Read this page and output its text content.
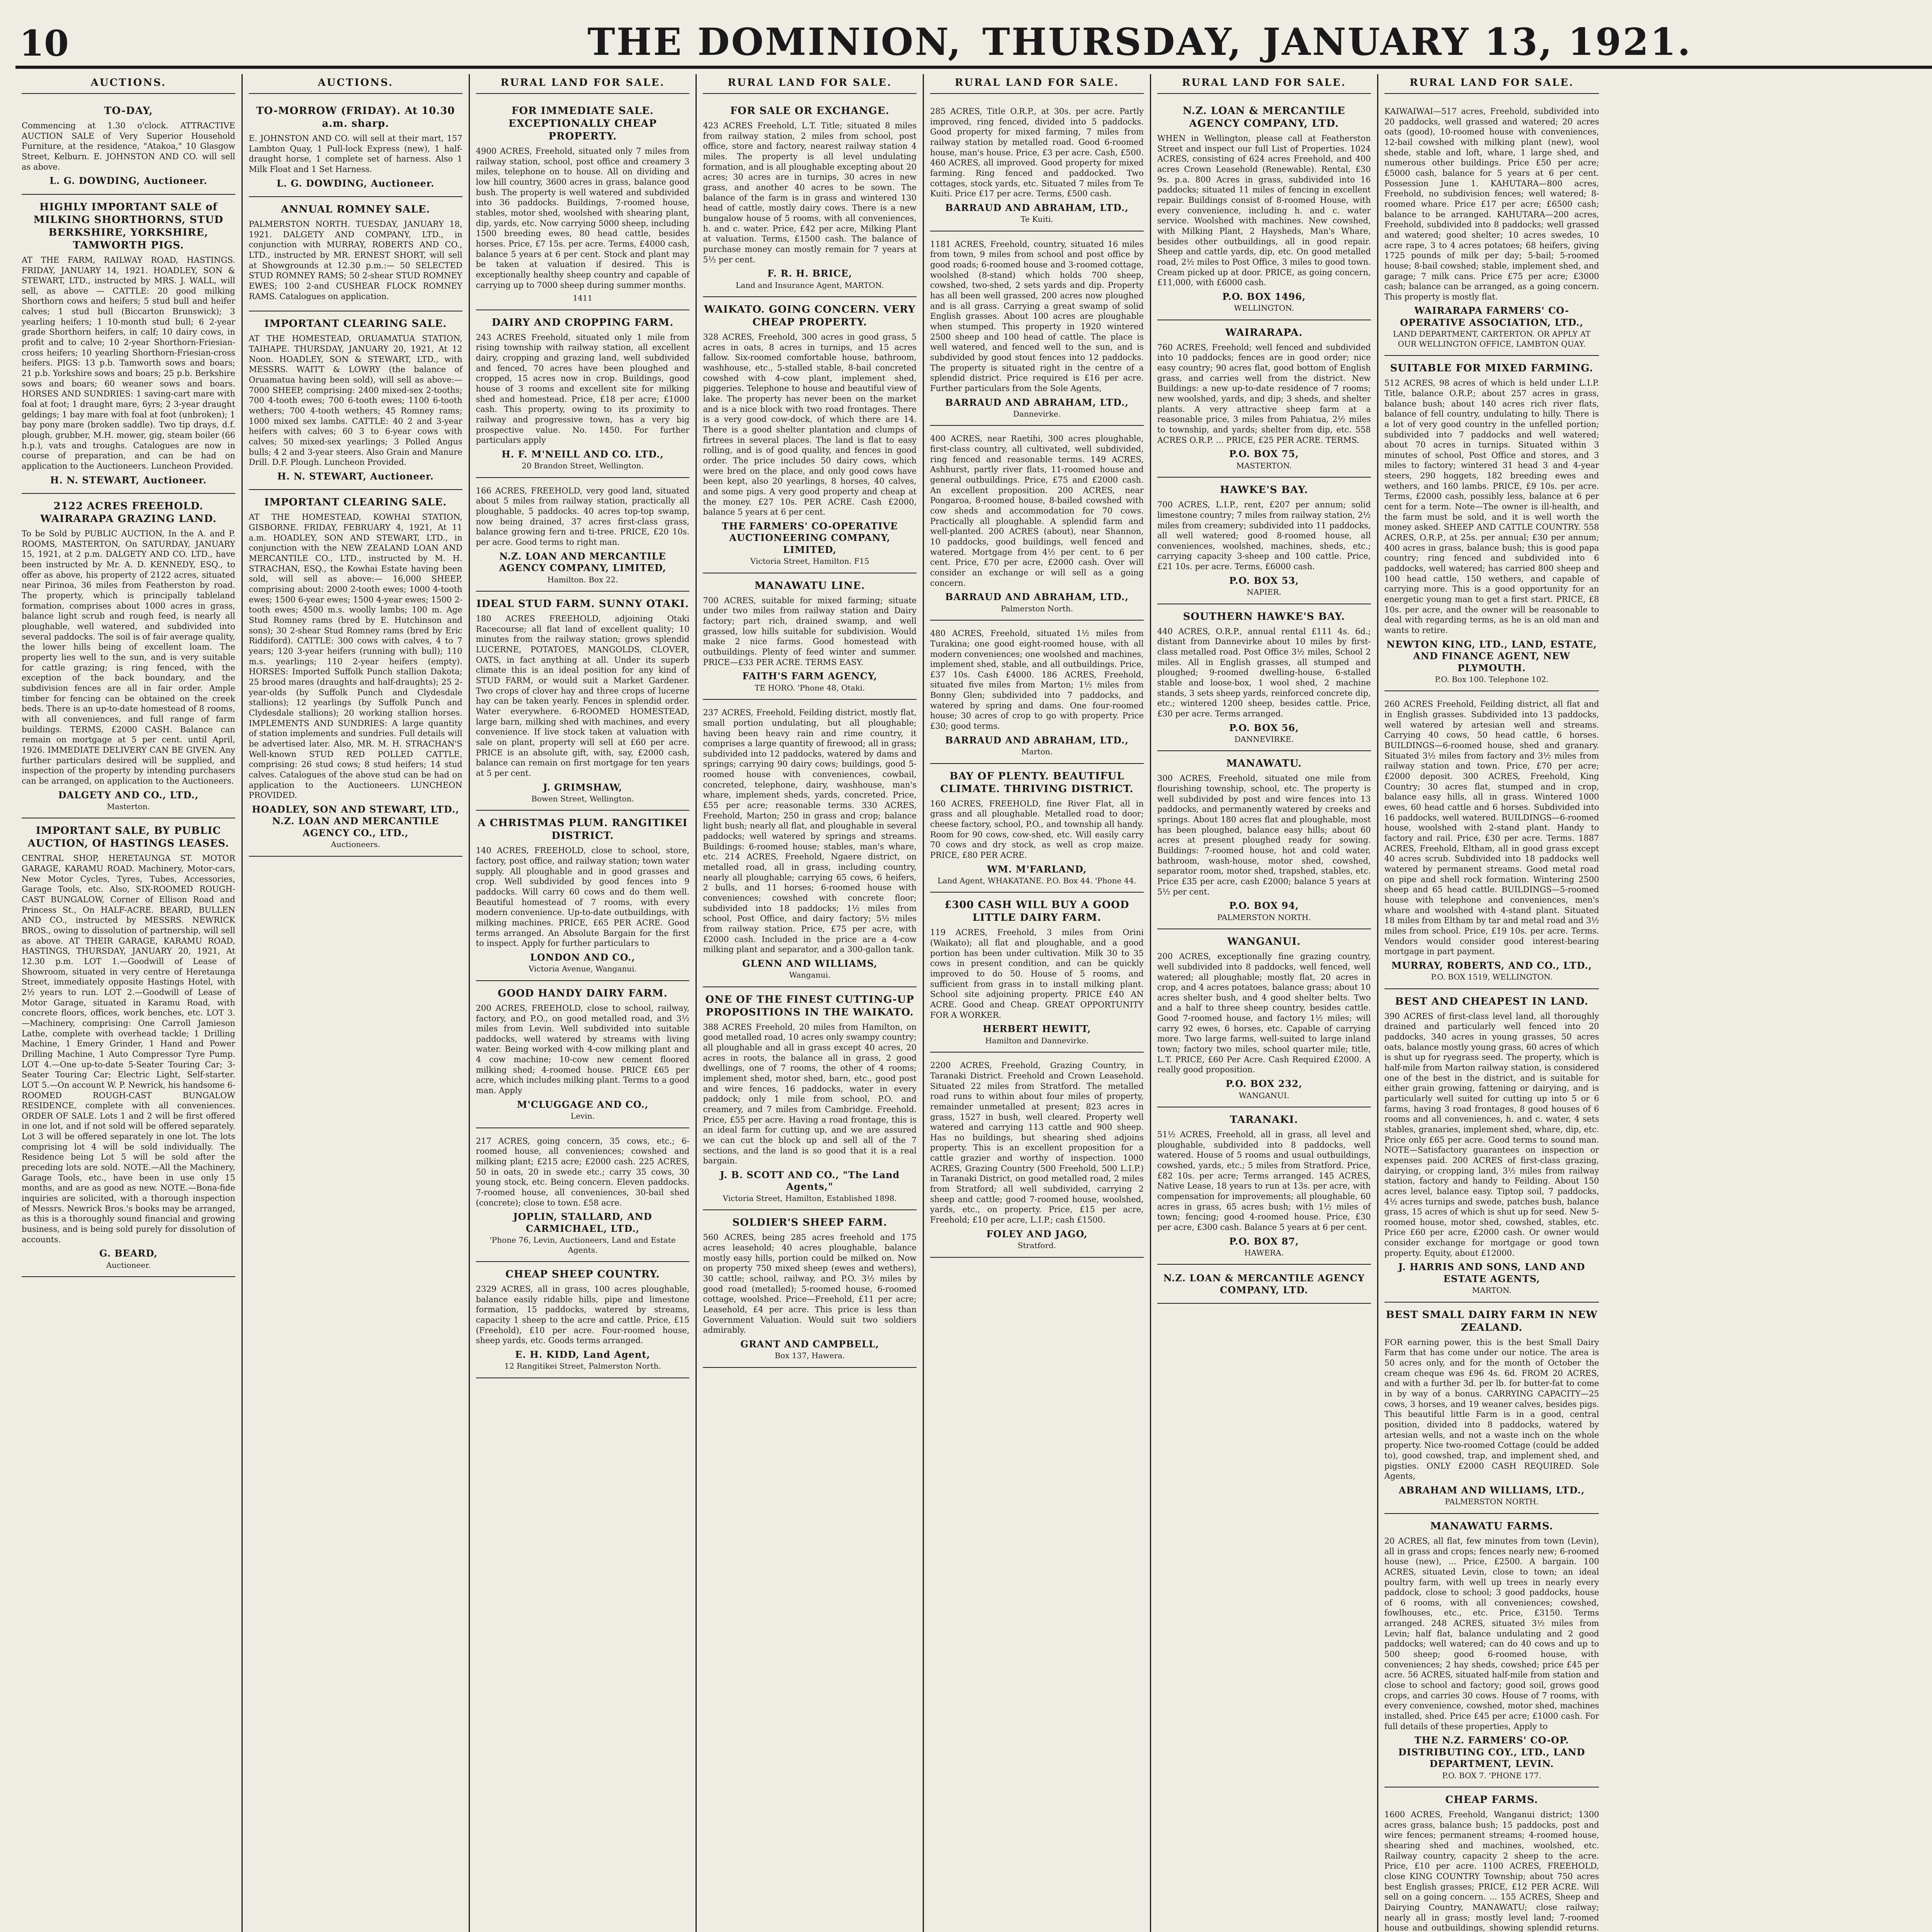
10	THE DOMINION, THURSDAY, JANUARY 13, 1921.
AUCTIONS.
TO-DAY,
Commencing at 1.30 o'clock. ATTRACTIVE AUCTION SALE of Very Superior Household Furniture, at the residence, "Atakoa," 10 Glasgow Street, Kelburn. E. JOHNSTON AND CO. will sell as above.
L. G. DOWDING, Auctioneer.
HIGHLY IMPORTANT SALE of MILKING SHORTHORNS, STUD BERKSHIRE, YORKSHIRE, TAMWORTH PIGS.
AT THE FARM, RAILWAY ROAD, HASTINGS. FRIDAY, JANUARY 14, 1921. HOADLEY, SON & STEWART, LTD., instructed by MRS. J. WALL, will sell, as above — CATTLE: 20 good milking Shorthorn cows and heifers; 5 stud bull and heifer calves; 1 stud bull (Biccarton Brunswick); 3 yearling heifers; 1 10-month stud bull; 6 2-year grade Shorthorn heifers, in calf; 10 dairy cows, in profit and to calve; 10 2-year Shorthorn-Friesian-cross heifers; 10 yearling Shorthorn-Friesian-cross heifers. PIGS: 13 p.b. Tamworth sows and boars; 21 p.b. Yorkshire sows and boars; 25 p.b. Berkshire sows and boars; 60 weaner sows and boars. HORSES AND SUNDRIES: 1 saving-cart mare with foal at foot; 1 draught mare, 6yrs; 2 3-year draught geldings; 1 bay mare with foal at foot (unbroken); 1 bay pony mare (broken saddle). Two tip drays, d.f. plough, grubber, M.H. mower, gig, steam boiler (66 h.p.), vats and troughs. Catalogues are now in course of preparation, and can be had on application to the Auctioneers. Luncheon Provided.
H. N. STEWART, Auctioneer.
2122 ACRES FREEHOLD. WAIRARAPA GRAZING LAND.
To be Sold by PUBLIC AUCTION, In the A. and P. ROOMS, MASTERTON, On SATURDAY, JANUARY 15, 1921, at 2 p.m. DALGETY AND CO. LTD., have been instructed by Mr. A. D. KENNEDY, ESQ., to offer as above, his property of 2122 acres, situated near Pirinoa, 36 miles from Featherston by road. The property, which is principally tableland formation, comprises about 1000 acres in grass, balance light scrub and rough feed, is nearly all ploughable, well watered, and subdivided into several paddocks. The soil is of fair average quality, the lower hills being of excellent loam. The property lies well to the sun, and is very suitable for cattle grazing; is ring fenced, with the exception of the back boundary, and the subdivision fences are all in fair order. Ample timber for fencing can be obtained on the creek beds. There is an up-to-date homestead of 8 rooms, with all conveniences, and full range of farm buildings. TERMS, £2000 CASH. Balance can remain on mortgage at 5 per cent. until April, 1926. IMMEDIATE DELIVERY CAN BE GIVEN. Any further particulars desired will be supplied, and inspection of the property by intending purchasers can be arranged, on application to the Auctioneers.
DALGETY AND CO., LTD.,
Masterton.
IMPORTANT SALE, BY PUBLIC AUCTION, Of HASTINGS LEASES.
CENTRAL SHOP, HERETAUNGA ST. MOTOR GARAGE, KARAMU ROAD. Machinery, Motor-cars, New Motor Cycles, Tyres, Tubes, Accessories, Garage Tools, etc. Also, SIX-ROOMED ROUGH-CAST BUNGALOW, Corner of Ellison Road and Princess St., On HALF-ACRE. BEARD, BULLEN AND CO., instructed by MESSRS. NEWRICK BROS., owing to dissolution of partnership, will sell as above. AT THEIR GARAGE, KARAMU ROAD, HASTINGS, THURSDAY, JANUARY 20, 1921, At 12.30 p.m. LOT 1.—Goodwill of Lease of Showroom, situated in very centre of Heretaunga Street, immediately opposite Hastings Hotel, with 2½ years to run. LOT 2.—Goodwill of Lease of Motor Garage, situated in Karamu Road, with concrete floors, offices, work benches, etc. LOT 3.—Machinery, comprising: One Carroll Jamieson Lathe, complete with overhead tackle; 1 Drilling Machine, 1 Emery Grinder, 1 Hand and Power Drilling Machine, 1 Auto Compressor Tyre Pump. LOT 4.—One up-to-date 5-Seater Touring Car; 3-Seater Touring Car; Electric Light, Self-starter. LOT 5.—On account W. P. Newrick, his handsome 6-ROOMED ROUGH-CAST BUNGALOW RESIDENCE, complete with all conveniences. ORDER OF SALE. Lots 1 and 2 will be first offered in one lot, and if not sold will be offered separately. Lot 3 will be offered separately in one lot. The lots comprising lot 4 will be sold individually. The Residence being Lot 5 will be sold after the preceding lots are sold. NOTE.—All the Machinery, Garage Tools, etc., have been in use only 15 months, and are as good as new. NOTE.—Bona-fide inquiries are solicited, with a thorough inspection of Messrs. Newrick Bros.'s books may be arranged, as this is a thoroughly sound financial and growing business, and is being sold purely for dissolution of accounts.
G. BEARD,
Auctioneer.
AUCTIONS.
TO-MORROW (FRIDAY). At 10.30 a.m. sharp.
E. JOHNSTON AND CO. will sell at their mart, 157 Lambton Quay, 1 Pull-lock Express (new), 1 half-draught horse, 1 complete set of harness. Also 1 Milk Float and 1 Set Harness.
L. G. DOWDING, Auctioneer.
ANNUAL ROMNEY SALE.
PALMERSTON NORTH. TUESDAY, JANUARY 18, 1921. DALGETY AND COMPANY, LTD., in conjunction with MURRAY, ROBERTS AND CO., LTD., instructed by MR. ERNEST SHORT, will sell at Showgrounds at 12.30 p.m.:— 50 SELECTED STUD ROMNEY RAMS; 50 2-shear STUD ROMNEY EWES; 100 2-and CUSHEAR FLOCK ROMNEY RAMS. Catalogues on application.
IMPORTANT CLEARING SALE.
AT THE HOMESTEAD, ORUAMATUA STATION, TAIHAPE. THURSDAY, JANUARY 20, 1921, At 12 Noon. HOADLEY, SON & STEWART, LTD., with MESSRS. WAITT & LOWRY (the balance of Oruamatua having been sold), will sell as above:— 7000 SHEEP, comprising: 2400 mixed-sex 2-tooths; 700 4-tooth ewes; 700 6-tooth ewes; 1100 6-tooth wethers; 700 4-tooth wethers; 45 Romney rams; 1000 mixed sex lambs. CATTLE: 40 2 and 3-year heifers with calves; 60 3 to 6-year cows with calves; 50 mixed-sex yearlings; 3 Polled Angus bulls; 4 2 and 3-year steers. Also Grain and Manure Drill. D.F. Plough. Luncheon Provided.
H. N. STEWART, Auctioneer.
IMPORTANT CLEARING SALE.
AT THE HOMESTEAD, KOWHAI STATION, GISBORNE. FRIDAY, FEBRUARY 4, 1921, At 11 a.m. HOADLEY, SON AND STEWART, LTD., in conjunction with the NEW ZEALAND LOAN AND MERCANTILE CO., LTD., instructed by M. H. STRACHAN, ESQ., the Kowhai Estate having been sold, will sell as above:— 16,000 SHEEP, comprising about: 2000 2-tooth ewes; 1000 4-tooth ewes; 1500 6-year ewes; 1500 4-year ewes; 1500 2-tooth ewes; 4500 m.s. woolly lambs; 100 m. Age Stud Romney rams (bred by E. Hutchinson and sons); 30 2-shear Stud Romney rams (bred by Eric Riddiford). CATTLE: 300 cows with calves, 4 to 7 years; 120 3-year heifers (running with bull); 110 m.s. yearlings; 110 2-year heifers (empty). HORSES: Imported Suffolk Punch stallion Dakota; 25 brood mares (draughts and half-draughts); 25 2-year-olds (by Suffolk Punch and Clydesdale stallions); 12 yearlings (by Suffolk Punch and Clydesdale stallions); 20 working stallion horses. IMPLEMENTS AND SUNDRIES: A large quantity of station implements and sundries. Full details will be advertised later. Also, MR. M. H. STRACHAN'S Well-known STUD RED POLLED CATTLE, comprising: 26 stud cows; 8 stud heifers; 14 stud calves. Catalogues of the above stud can be had on application to the Auctioneers. LUNCHEON PROVIDED.
HOADLEY, SON AND STEWART, LTD., N.Z. LOAN AND MERCANTILE AGENCY CO., LTD.,
Auctioneers.
RURAL LAND FOR SALE.
FOR IMMEDIATE SALE. EXCEPTIONALLY CHEAP PROPERTY.
4900 ACRES, Freehold, situated only 7 miles from railway station, school, post office and creamery 3 miles, telephone on to house. All on dividing and low hill country, 3600 acres in grass, balance good bush. The property is well watered and subdivided into 36 paddocks. Buildings, 7-roomed house, stables, motor shed, woolshed with shearing plant, dip, yards, etc. Now carrying 5000 sheep, including 1500 breeding ewes, 80 head cattle, besides horses. Price, £7 15s. per acre. Terms, £4000 cash, balance 5 years at 6 per cent. Stock and plant may be taken at valuation if desired. This is exceptionally healthy sheep country and capable of carrying up to 7000 sheep during summer months.
1411
DAIRY AND CROPPING FARM.
243 ACRES Freehold, situated only 1 mile from rising township with railway station, all excellent dairy, cropping and grazing land, well subdivided and fenced, 70 acres have been ploughed and cropped, 15 acres now in crop. Buildings, good house of 3 rooms and excellent site for milking shed and homestead. Price, £18 per acre; £1000 cash. This property, owing to its proximity to railway and progressive town, has a very big prospective value. No. 1450. For further particulars apply
H. F. M'NEILL AND CO. LTD.,
20 Brandon Street, Wellington.
166 ACRES, FREEHOLD, very good land, situated about 5 miles from railway station, practically all ploughable, 5 paddocks. 40 acres top-top swamp, now being drained, 37 acres first-class grass, balance growing fern and ti-tree. PRICE, £20 10s. per acre. Good terms to right man.
N.Z. LOAN AND MERCANTILE AGENCY COMPANY, LIMITED,
Hamilton. Box 22.
IDEAL STUD FARM. SUNNY OTAKI.
180 ACRES FREEHOLD, adjoining Otaki Racecourse; all flat land of excellent quality; 10 minutes from the railway station; grows splendid LUCERNE, POTATOES, MANGOLDS, CLOVER, OATS, in fact anything at all. Under its superb climate this is an ideal position for any kind of STUD FARM, or would suit a Market Gardener. Two crops of clover hay and three crops of lucerne hay can be taken yearly. Fences in splendid order. Water everywhere. 6-ROOMED HOMESTEAD, large barn, milking shed with machines, and every convenience. If live stock taken at valuation with sale on plant, property will sell at £60 per acre. PRICE is an absolute gift, with, say, £2000 cash, balance can remain on first mortgage for ten years at 5 per cent.
J. GRIMSHAW,
Bowen Street, Wellington.
A CHRISTMAS PLUM. RANGITIKEI DISTRICT.
140 ACRES, FREEHOLD, close to school, store, factory, post office, and railway station; town water supply. All ploughable and in good grasses and crop. Well subdivided by good fences into 9 paddocks. Will carry 60 cows and do them well. Beautiful homestead of 7 rooms, with every modern convenience. Up-to-date outbuildings, with milking machines. PRICE, £65 PER ACRE. Good terms arranged. An Absolute Bargain for the first to inspect. Apply for further particulars to
LONDON AND CO.,
Victoria Avenue, Wanganui.
GOOD HANDY DAIRY FARM.
200 ACRES, FREEHOLD, close to school, railway, factory, and P.O., on good metalled road, and 3½ miles from Levin. Well subdivided into suitable paddocks, well watered by streams with living water. Being worked with 4-cow milking plant and 4 cow machine; 10-cow new cement floored milking shed; 4-roomed house. PRICE £65 per acre, which includes milking plant. Terms to a good man. Apply
M'CLUGGAGE AND CO.,
Levin.
217 ACRES, going concern, 35 cows, etc.; 6-roomed house, all conveniences; cowshed and milking plant; £215 acre; £2000 cash. 225 ACRES, 50 in oats, 20 in swede etc.; carry 35 cows, 30 young stock, etc. Being concern. Eleven paddocks. 7-roomed house, all conveniences, 30-bail shed (concrete); close to town. £58 acre.
JOPLIN, STALLARD, AND CARMICHAEL, LTD.,
'Phone 76, Levin, Auctioneers, Land and Estate Agents.
CHEAP SHEEP COUNTRY.
2329 ACRES, all in grass, 100 acres ploughable, balance easily ridable hills, pipe and limestone formation, 15 paddocks, watered by streams, capacity 1 sheep to the acre and cattle. Price, £15 (Freehold), £10 per acre. Four-roomed house, sheep yards, etc. Goods terms arranged.
E. H. KIDD, Land Agent,
12 Rangitikei Street, Palmerston North.
RURAL LAND FOR SALE.
FOR SALE OR EXCHANGE.
423 ACRES Freehold, L.T. Title; situated 8 miles from railway station, 2 miles from school, post office, store and factory, nearest railway station 4 miles. The property is all level undulating formation, and is all ploughable excepting about 20 acres; 30 acres are in turnips, 30 acres in new grass, and another 40 acres to be sown. The balance of the farm is in grass and wintered 130 head of cattle, mostly dairy cows. There is a new bungalow house of 5 rooms, with all conveniences, h. and c. water. Price, £42 per acre, Milking Plant at valuation. Terms, £1500 cash. The balance of purchase money can mostly remain for 7 years at 5½ per cent.
F. R. H. BRICE,
Land and Insurance Agent, MARTON.
WAIKATO. GOING CONCERN. VERY CHEAP PROPERTY.
328 ACRES, Freehold, 300 acres in good grass, 5 acres in oats, 8 acres in turnips, and 15 acres fallow. Six-roomed comfortable house, bathroom, washhouse, etc., 5-stalled stable, 8-bail concreted cowshed with 4-cow plant, implement shed, piggeries. Telephone to house and beautiful view of lake. The property has never been on the market and is a nice block with two road frontages. There is a very good cow-dock, of which there are 14. There is a good shelter plantation and clumps of firtrees in several places. The land is flat to easy rolling, and is of good quality, and fences in good order. The price includes 50 dairy cows, which were bred on the place, and only good cows have been kept, also 20 yearlings, 8 horses, 40 calves, and some pigs. A very good property and cheap at the money. £27 10s. PER ACRE. Cash £2000, balance 5 years at 6 per cent.
THE FARMERS' CO-OPERATIVE AUCTIONEERING COMPANY, LIMITED,
Victoria Street, Hamilton. F15
MANAWATU LINE.
700 ACRES, suitable for mixed farming; situate under two miles from railway station and Dairy factory; part rich, drained swamp, and well grassed, low hills suitable for subdivision. Would make 2 nice farms. Good homestead with outbuildings. Plenty of feed winter and summer. PRICE—£33 PER ACRE. TERMS EASY.
FAITH'S FARM AGENCY,
TE HORO. 'Phone 48, Otaki.
237 ACRES, Freehold, Feilding district, mostly flat, small portion undulating, but all ploughable; having been heavy rain and rime country, it comprises a large quantity of firewood; all in grass; subdivided into 12 paddocks, watered by dams and springs; carrying 90 dairy cows; buildings, good 5-roomed house with conveniences, cowbail, concreted, telephone, dairy, washhouse, man's whare, implement sheds, yards, concreted. Price, £55 per acre; reasonable terms. 330 ACRES, Freehold, Marton; 250 in grass and crop; balance light bush; nearly all flat, and ploughable in several paddocks; well watered by springs and streams. Buildings: 6-roomed house; stables, man's whare, etc. 214 ACRES, Freehold, Ngaere district, on metalled road, all in grass, including country, nearly all ploughable; carrying 65 cows, 6 heifers, 2 bulls, and 11 horses; 6-roomed house with conveniences; cowshed with concrete floor; subdivided into 18 paddocks; 1½ miles from school, Post Office, and dairy factory; 5½ miles from railway station. Price, £75 per acre, with £2000 cash. Included in the price are a 4-cow milking plant and separator, and a 300-gallon tank.
GLENN AND WILLIAMS,
Wanganui.
ONE OF THE FINEST CUTTING-UP PROPOSITIONS IN THE WAIKATO.
388 ACRES Freehold, 20 miles from Hamilton, on good metalled road, 10 acres only swampy country; all ploughable and all in grass except 40 acres, 20 acres in roots, the balance all in grass, 2 good dwellings, one of 7 rooms, the other of 4 rooms; implement shed, motor shed, barn, etc., good post and wire fences, 16 paddocks, water in every paddock; only 1 mile from school, P.O. and creamery, and 7 miles from Cambridge. Freehold. Price, £55 per acre. Having a road frontage, this is an ideal farm for cutting up, and we are assured we can cut the block up and sell all of the 7 sections, and the land is so good that it is a real bargain.
J. B. SCOTT AND CO., "The Land Agents,"
Victoria Street, Hamilton, Established 1898.
SOLDIER'S SHEEP FARM.
560 ACRES, being 285 acres freehold and 175 acres leasehold; 40 acres ploughable, balance mostly easy hills, portion could be milked on. Now on property 750 mixed sheep (ewes and wethers), 30 cattle; school, railway, and P.O. 3½ miles by good road (metalled); 5-roomed house, 6-roomed cottage, woolshed. Price—Freehold, £11 per acre; Leasehold, £4 per acre. This price is less than Government Valuation. Would suit two soldiers admirably.
GRANT AND CAMPBELL,
Box 137, Hawera.
RURAL LAND FOR SALE.
285 ACRES, Title O.R.P., at 30s. per acre. Partly improved, ring fenced, divided into 5 paddocks. Good property for mixed farming, 7 miles from railway station by metalled road. Good 6-roomed house, man's house. Price, £3 per acre. Cash, £500. 460 ACRES, all improved. Good property for mixed farming. Ring fenced and paddocked. Two cottages, stock yards, etc. Situated 7 miles from Te Kuiti. Price £17 per acre. Terms, £500 cash.
BARRAUD AND ABRAHAM, LTD.,
Te Kuiti.
1181 ACRES, Freehold, country, situated 16 miles from town, 9 miles from school and post office by good roads; 6-roomed house and 3-roomed cottage, woolshed (8-stand) which holds 700 sheep, cowshed, two-shed, 2 sets yards and dip. Property has all been well grassed, 200 acres now ploughed and is all grass. Carrying a great swamp of solid English grasses. About 100 acres are ploughable when stumped. This property in 1920 wintered 2500 sheep and 100 head of cattle. The place is well watered, and fenced well to the sun, and is subdivided by good stout fences into 12 paddocks. The property is situated right in the centre of a splendid district. Price required is £16 per acre. Further particulars from the Sole Agents,
BARRAUD AND ABRAHAM, LTD.,
Dannevirke.
400 ACRES, near Raetihi, 300 acres ploughable, first-class country, all cultivated, well subdivided, ring fenced and reasonable terms. 149 ACRES, Ashhurst, partly river flats, 11-roomed house and general outbuildings. Price, £75 and £2000 cash. An excellent proposition. 200 ACRES, near Pongaroa, 8-roomed house, 8-bailed cowshed with cow sheds and accommodation for 70 cows. Practically all ploughable. A splendid farm and well-planted. 200 ACRES (about), near Shannon, 10 paddocks, good buildings, well fenced and watered. Mortgage from 4½ per cent. to 6 per cent. Price, £70 per acre, £2000 cash. Over will consider an exchange or will sell as a going concern.
BARRAUD AND ABRAHAM, LTD.,
Palmerston North.
480 ACRES, Freehold, situated 1½ miles from Turakina; one good eight-roomed house, with all modern conveniences; one woolshed and machines, implement shed, stable, and all outbuildings. Price, £37 10s. Cash £4000. 186 ACRES, Freehold, situated five miles from Marton; 1½ miles from Bonny Glen; subdivided into 7 paddocks, and watered by spring and dams. One four-roomed house; 30 acres of crop to go with property. Price £30; good terms.
BARRAUD AND ABRAHAM, LTD.,
Marton.
BAY OF PLENTY. BEAUTIFUL CLIMATE. THRIVING DISTRICT.
160 ACRES, FREEHOLD, fine River Flat, all in grass and all ploughable. Metalled road to door; cheese factory, school, P.O., and township all handy. Room for 90 cows, cow-shed, etc. Will easily carry 70 cows and dry stock, as well as crop maize. PRICE, £80 PER ACRE.
WM. M'FARLAND,
Land Agent, WHAKATANE. P.O. Box 44. 'Phone 44.
£300 CASH WILL BUY A GOOD LITTLE DAIRY FARM.
119 ACRES, Freehold, 3 miles from Orini (Waikato); all flat and ploughable, and a good portion has been under cultivation. Milk 30 to 35 cows in present condition, and can be quickly improved to do 50. House of 5 rooms, and sufficient from grass in to install milking plant. School site adjoining property. PRICE £40 AN ACRE. Good and Cheap. GREAT OPPORTUNITY FOR A WORKER.
HERBERT HEWITT,
Hamilton and Dannevirke.
2200 ACRES, Freehold, Grazing Country, in Taranaki District. Freehold and Crown Leasehold. Situated 22 miles from Stratford. The metalled road runs to within about four miles of property, remainder unmetalled at present; 823 acres in grass, 1527 in bush, well cleared. Property well watered and carrying 113 cattle and 900 sheep. Has no buildings, but shearing shed adjoins property. This is an excellent proposition for a cattle grazier and worthy of inspection. 1000 ACRES, Grazing Country (500 Freehold, 500 L.I.P.) in Taranaki District, on good metalled road, 2 miles from Stratford; all well subdivided, carrying 2 sheep and cattle; good 7-roomed house, woolshed, yards, etc., on property. Price, £15 per acre, Freehold; £10 per acre, L.I.P.; cash £1500.
FOLEY AND JAGO,
Stratford.
RURAL LAND FOR SALE.
N.Z. LOAN & MERCANTILE AGENCY COMPANY, LTD.
WHEN in Wellington, please call at Featherston Street and inspect our full List of Properties. 1024 ACRES, consisting of 624 acres Freehold, and 400 acres Crown Leasehold (Renewable). Rental, £30 9s. p.a. 800 Acres in grass, subdivided into 16 paddocks; situated 11 miles of fencing in excellent repair. Buildings consist of 8-roomed House, with every convenience, including h. and c. water service. Woolshed with machines. New cowshed, with Milking Plant, 2 Haysheds, Man's Whare, besides other outbuildings, all in good repair. Sheep and cattle yards, dip, etc. On good metalled road, 2½ miles to Post Office, 3 miles to good town. Cream picked up at door. PRICE, as going concern, £11,000, with £6000 cash.
P.O. BOX 1496,
WELLINGTON.
WAIRARAPA.
760 ACRES, Freehold; well fenced and subdivided into 10 paddocks; fences are in good order; nice easy country; 90 acres flat, good bottom of English grass, and carries well from the district. New Buildings: a new up-to-date residence of 7 rooms; new woolshed, yards, and dip; 3 sheds, and shelter plants. A very attractive sheep farm at a reasonable price, 3 miles from Pahiatua, 2½ miles to township, and yards; shelter from dip, etc. 558 ACRES O.R.P. ... PRICE, £25 PER ACRE. TERMS.
P.O. BOX 75,
MASTERTON.
HAWKE'S BAY.
700 ACRES, L.I.P., rent, £207 per annum; solid limestone country; 7 miles from railway station, 2½ miles from creamery; subdivided into 11 paddocks, all well watered; good 8-roomed house, all conveniences, woolshed, machines, sheds, etc.; carrying capacity 3-sheep and 100 cattle. Price, £21 10s. per acre. Terms, £6000 cash.
P.O. BOX 53,
NAPIER.
SOUTHERN HAWKE'S BAY.
440 ACRES, O.R.P., annual rental £111 4s. 6d.; distant from Dannevirke about 10 miles by first-class metalled road. Post Office 3½ miles, School 2 miles. All in English grasses, all stumped and ploughed; 9-roomed dwelling-house, 6-stalled stable and loose-box, 1 wool shed, 2 machine stands, 3 sets sheep yards, reinforced concrete dip, etc.; wintered 1200 sheep, besides cattle. Price, £30 per acre. Terms arranged.
P.O. BOX 56,
DANNEVIRKE.
MANAWATU.
300 ACRES, Freehold, situated one mile from flourishing township, school, etc. The property is well subdivided by post and wire fences into 13 paddocks, and permanently watered by creeks and springs. About 180 acres flat and ploughable, most has been ploughed, balance easy hills; about 60 acres at present ploughed ready for sowing. Buildings: 7-roomed house, hot and cold water, bathroom, wash-house, motor shed, cowshed, separator room, motor shed, trapshed, stables, etc. Price £35 per acre, cash £2000; balance 5 years at 5½ per cent.
P.O. BOX 94,
PALMERSTON NORTH.
WANGANUI.
200 ACRES, exceptionally fine grazing country, well subdivided into 8 paddocks, well fenced, well watered; all ploughable; mostly flat, 20 acres in crop, and 4 acres potatoes, balance grass; about 10 acres shelter bush, and 4 good shelter belts. Two and a half to three sheep country, besides cattle. Good 7-roomed house, and factory 1½ miles; will carry 92 ewes, 6 horses, etc. Capable of carrying more. Two large farms, well-suited to large inland town; factory two miles, school quarter mile; title, L.T. PRICE, £60 Per Acre. Cash Required £2000. A really good proposition.
P.O. BOX 232,
WANGANUI.
TARANAKI.
51½ ACRES, Freehold, all in grass, all level and ploughable, subdivided into 8 paddocks, well watered. House of 5 rooms and usual outbuildings, cowshed, yards, etc.; 5 miles from Stratford. Price, £82 10s. per acre; Terms arranged. 145 ACRES, Native Lease, 18 years to run at 13s. per acre, with compensation for improvements; all ploughable, 60 acres in grass, 65 acres bush; with 1½ miles of town; fencing; good 4-roomed house. Price, £30 per acre, £300 cash. Balance 5 years at 6 per cent.
P.O. BOX 87,
HAWERA.
N.Z. LOAN & MERCANTILE AGENCY COMPANY, LTD.
RURAL LAND FOR SALE.
KAIWAIWAI—517 acres, Freehold, subdivided into 20 paddocks, well grassed and watered; 20 acres oats (good), 10-roomed house with conveniences, 12-bail cowshed with milking plant (new), wool shede, stable and loft, whare, 1 large shed, and numerous other buildings. Price £50 per acre; £5000 cash, balance for 5 years at 6 per cent. Possession June 1. KAHUTARA—800 acres, Freehold, no subdivision fences; well watered; 8-roomed whare. Price £17 per acre; £6500 cash; balance to be arranged. KAHUTARA—200 acres, Freehold, subdivided into 8 paddocks; well grassed and watered; good shelter; 10 acres swedes, 10 acre rape, 3 to 4 acres potatoes; 68 heifers, giving 1725 pounds of milk per day; 5-bail; 5-roomed house; 8-bail cowshed; stable, implement shed, and garage; 7 milk cans. Price £75 per acre; £3000 cash; balance can be arranged, as a going concern. This property is mostly flat.
WAIRARAPA FARMERS' CO-OPERATIVE ASSOCIATION, LTD.,
LAND DEPARTMENT, CARTERTON. OR APPLY AT OUR WELLINGTON OFFICE, LAMBTON QUAY.
SUITABLE FOR MIXED FARMING.
512 ACRES, 98 acres of which is held under L.I.P. Title, balance O.R.P.; about 257 acres in grass, balance bush; about 140 acres rich river flats, balance of fell country, undulating to hilly. There is a lot of very good country in the unfelled portion; subdivided into 7 paddocks and well watered; about 70 acres in turnips. Situated within 3 minutes of school, Post Office and stores, and 3 miles to factory; wintered 31 head 3 and 4-year steers, 290 hoggets, 182 breeding ewes and wethers, and 160 lambs. PRICE, £9 10s. per acre. Terms, £2000 cash, possibly less, balance at 6 per cent for a term. Note—The owner is ill-health, and the farm must be sold, and it is well worth the money asked. SHEEP AND CATTLE COUNTRY. 558 ACRES, O.R.P., at 25s. per annual; £30 per annum; 400 acres in grass, balance bush; this is good papa country; ring fenced and subdivided into 6 paddocks, well watered; has carried 800 sheep and 100 head cattle, 150 wethers, and capable of carrying more. This is a good opportunity for an energetic young man to get a first start. PRICE, £8 10s. per acre, and the owner will be reasonable to deal with regarding terms, as he is an old man and wants to retire.
NEWTON KING, LTD., LAND, ESTATE, AND FINANCE AGENT, NEW PLYMOUTH.
P.O. Box 100. Telephone 102.
260 ACRES Freehold, Feilding district, all flat and in English grasses. Subdivided into 13 paddocks, well watered by artesian well and streams. Carrying 40 cows, 50 head cattle, 6 horses. BUILDINGS—6-roomed house, shed and granary. Situated 3½ miles from factory and 3½ miles from railway station and town. Price, £70 per acre; £2000 deposit. 300 ACRES, Freehold, King Country; 30 acres flat, stumped and in crop, balance easy hills, all in grass. Wintered 1000 ewes, 60 head cattle and 6 horses. Subdivided into 16 paddocks, well watered. BUILDINGS—6-roomed house, woolshed with 2-stand plant. Handy to factory and rail. Price, £30 per acre. Terms. 1887 ACRES, Freehold, Eltham, all in good grass except 40 acres scrub. Subdivided into 18 paddocks well watered by permanent streams. Good metal road on pipe and shell rock formation. Wintering 2500 sheep and 65 head cattle. BUILDINGS—5-roomed house with telephone and conveniences, men's whare and woolshed with 4-stand plant. Situated 18 miles from Eltham by tar and metal road and 3½ miles from school. Price, £19 10s. per acre. Terms. Vendors would consider good interest-bearing mortgage in part payment.
MURRAY, ROBERTS, AND CO., LTD.,
P.O. BOX 1519, WELLINGTON.
BEST AND CHEAPEST IN LAND.
390 ACRES of first-class level land, all thoroughly drained and particularly well fenced into 20 paddocks, 340 acres in young grasses, 50 acres oats, balance mostly young grass, 60 acres of which is shut up for ryegrass seed. The property, which is half-mile from Marton railway station, is considered one of the best in the district, and is suitable for either grain growing, fattening or dairying, and is particularly well suited for cutting up into 5 or 6 farms, having 3 road frontages, 8 good houses of 6 rooms and all conveniences, h. and c. water, 4 sets stables, granaries, implement shed, whare, dip, etc. Price only £65 per acre. Good terms to sound man. NOTE—Satisfactory guarantees on inspection or expenses paid. 200 ACRES of first-class grazing, dairying, or cropping land, 3½ miles from railway station, factory and handy to Feilding. About 150 acres level, balance easy. Tiptop soil, 7 paddocks, 4½ acres turnips and swede, patches bush, balance grass, 15 acres of which is shut up for seed. New 5-roomed house, motor shed, cowshed, stables, etc. Price £60 per acre, £2000 cash. Or owner would consider exchange for mortgage or good town property. Equity, about £12000.
J. HARRIS AND SONS, LAND AND ESTATE AGENTS,
MARTON.
BEST SMALL DAIRY FARM IN NEW ZEALAND.
FOR earning power, this is the best Small Dairy Farm that has come under our notice. The area is 50 acres only, and for the month of October the cream cheque was £96 4s. 6d. FROM 20 ACRES, and with a further 3d. per lb. for butter-fat to come in by way of a bonus. CARRYING CAPACITY—25 cows, 3 horses, and 19 weaner calves, besides pigs. This beautiful little Farm is in a good, central position, divided into 8 paddocks, watered by artesian wells, and not a waste inch on the whole property. Nice two-roomed Cottage (could be added to), good cowshed, trap, and implement shed, and pigsties. ONLY £2000 CASH REQUIRED. Sole Agents,
ABRAHAM AND WILLIAMS, LTD.,
PALMERSTON NORTH.
MANAWATU FARMS.
20 ACRES, all flat, few minutes from town (Levin), all in grass and crops; fences nearly new; 6-roomed house (new), ... Price, £2500. A bargain. 100 ACRES, situated Levin, close to town; an ideal poultry farm, with well up trees in nearly every paddock, close to school; 3 good paddocks, house of 6 rooms, with all conveniences; cowshed, fowlhouses, etc., etc. Price, £3150. Terms arranged. 248 ACRES, situated 3½ miles from Levin; half flat, balance undulating and 2 good paddocks; well watered; can do 40 cows and up to 500 sheep; good 6-roomed house, with conveniences; 2 hay sheds, cowshed; price £45 per acre. 56 ACRES, situated half-mile from station and close to school and factory; good soil, grows good crops, and carries 30 cows. House of 7 rooms, with every convenience, cowshed, motor shed, machines installed, shed. Price £45 per acre; £1000 cash. For full details of these properties, Apply to
THE N.Z. FARMERS' CO-OP. DISTRIBUTING COY., LTD., LAND DEPARTMENT, LEVIN.
P.O. BOX 7. 'PHONE 177.
CHEAP FARMS.
1600 ACRES, Freehold, Wanganui district; 1300 acres grass, balance bush; 15 paddocks, post and wire fences; permanent streams; 4-roomed house, shearing shed and machines, woolshed, etc. Railway country, capacity 2 sheep to the acre. Price, £10 per acre. 1100 ACRES, FREEHOLD, close KING COUNTRY Township; about 750 acres best English grasses; PRICE, £12 PER ACRE. Will sell on a going concern. ... 155 ACRES, Sheep and Dairying Country, MANAWATU; close railway; nearly all in grass; mostly level land; 7-roomed house and outbuildings, showing splendid returns.
